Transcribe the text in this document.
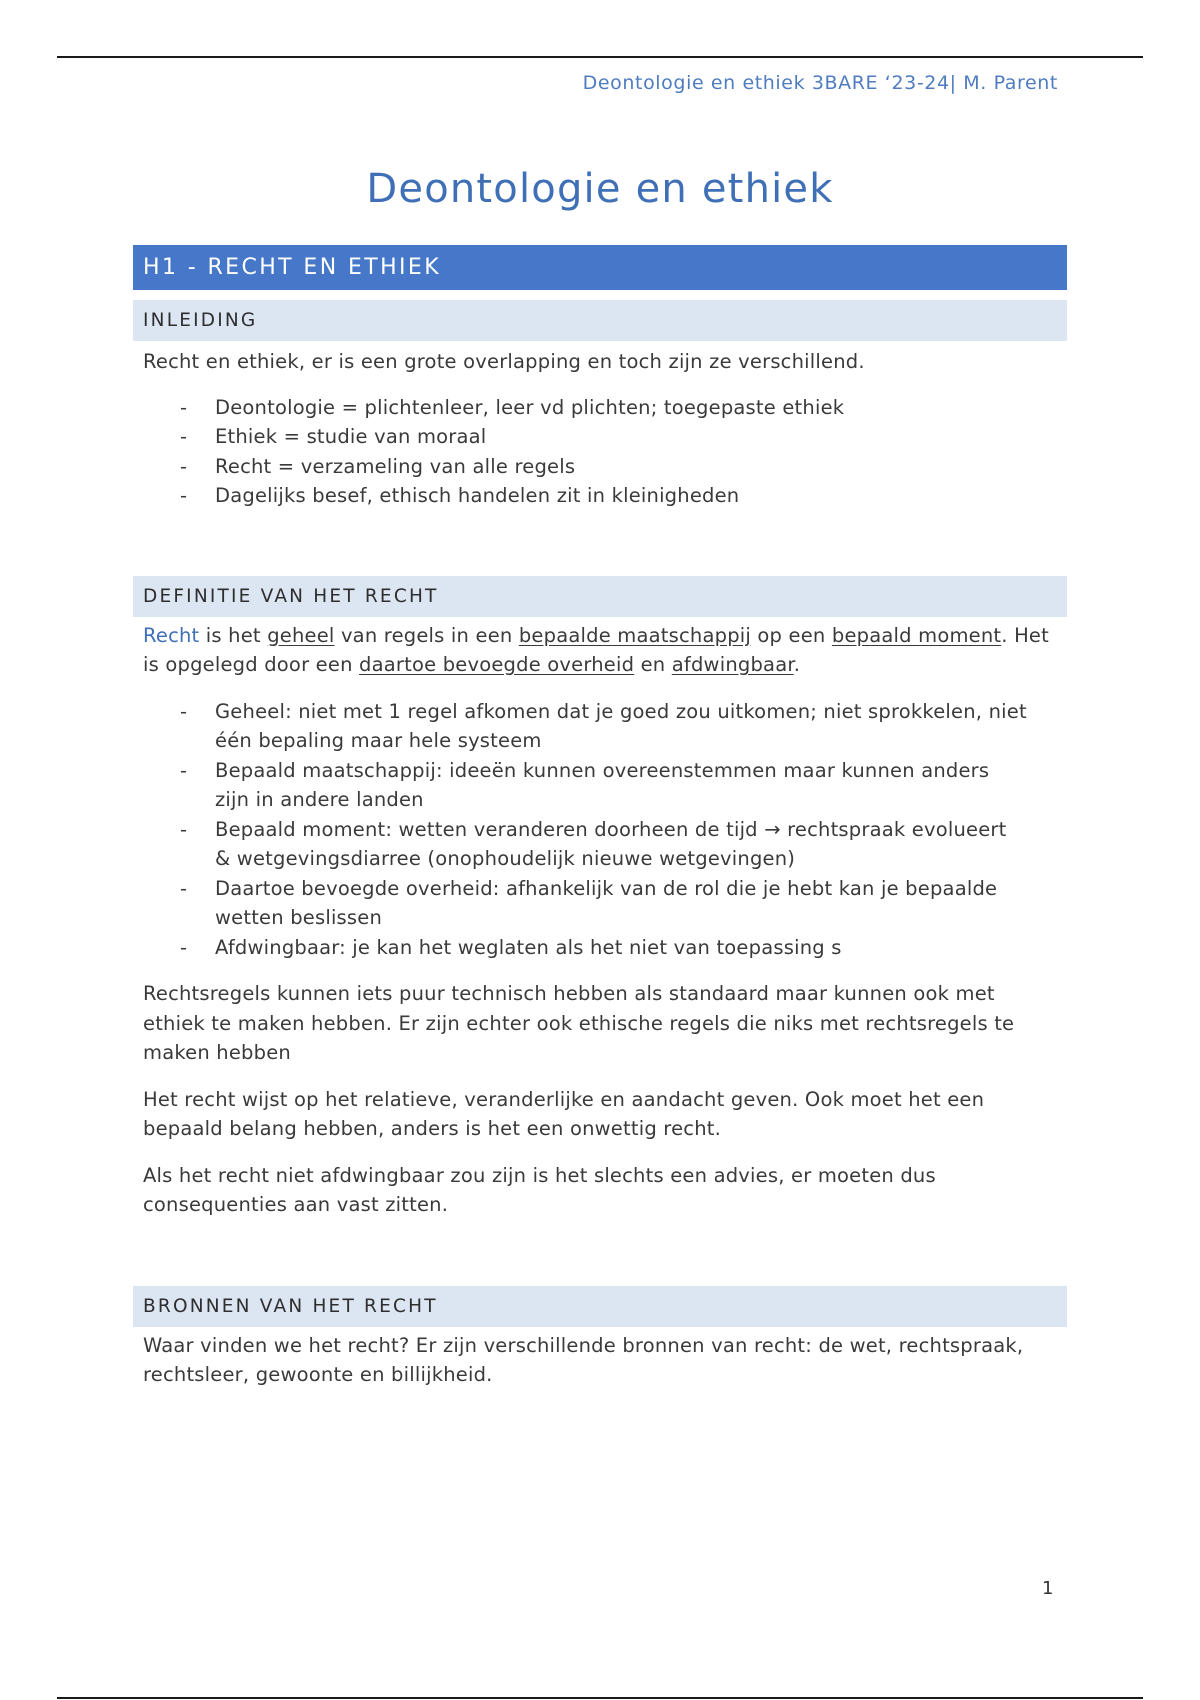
Deontologie en ethiek 3BARE ‘23-24| M. Parent
Deontologie en ethiek
H1 - RECHT EN ETHIEK
INLEIDING

Recht en ethiek, er is een grote overlapping en toch zijn ze verschillend.

- Deontologie = plichtenleer, leer vd plichten; toegepaste ethiek
- Ethiek = studie van moraal
- Recht = verzameling van alle regels
- Dagelijks besef, ethisch handelen zit in kleinigheden
DEFINITIE VAN HET RECHT

Recht is het geheel van regels in een bepaalde maatschappij op een bepaald moment. Het is opgelegd door een daartoe bevoegde overheid en afdwingbaar.

- Geheel: niet met 1 regel afkomen dat je goed zou uitkomen; niet sprokkelen, niet één bepaling maar hele systeem
- Bepaald maatschappij: ideeën kunnen overeenstemmen maar kunnen anders zijn in andere landen
- Bepaald moment: wetten veranderen doorheen de tijd → rechtspraak evolueert & wetgevingsdiarree (onophoudelijk nieuwe wetgevingen)
- Daartoe bevoegde overheid: afhankelijk van de rol die je hebt kan je bepaalde wetten beslissen
- Afdwingbaar: je kan het weglaten als het niet van toepassing s

Rechtsregels kunnen iets puur technisch hebben als standaard maar kunnen ook met ethiek te maken hebben. Er zijn echter ook ethische regels die niks met rechtsregels te maken hebben

Het recht wijst op het relatieve, veranderlijke en aandacht geven. Ook moet het een bepaald belang hebben, anders is het een onwettig recht.

Als het recht niet afdwingbaar zou zijn is het slechts een advies, er moeten dus consequenties aan vast zitten.

BRONNEN VAN HET RECHT

Waar vinden we het recht? Er zijn verschillende bronnen van recht: de wet, rechtspraak, rechtsleer, gewoonte en billijkheid.

1
